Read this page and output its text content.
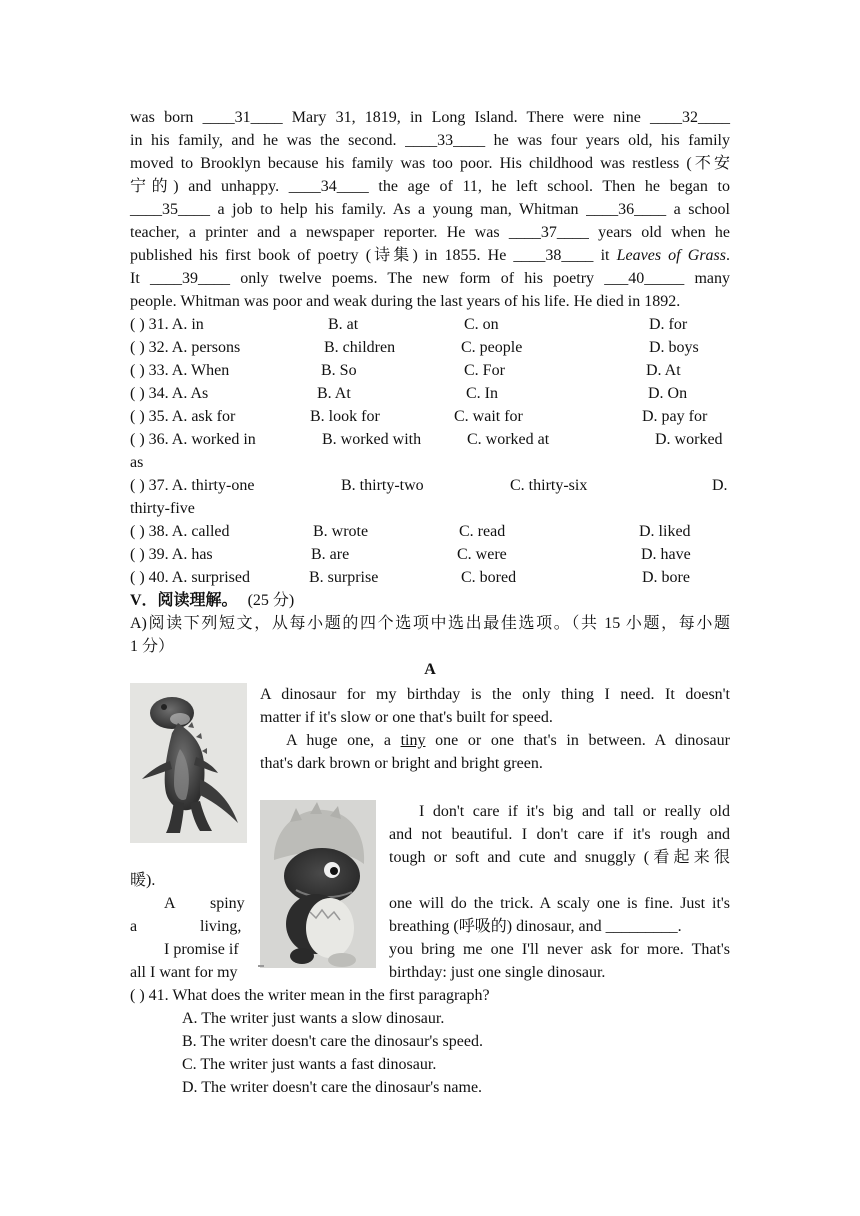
was born ____31____ Mary 31, 1819, in Long Island. There were nine ____32____
in his family, and he was the second. ____33____ he was four years old, his family
moved to Brooklyn because his family was too poor. His childhood was restless (不安
宁的) and unhappy. ____34____ the age of 11, he left school. Then he began to
____35____ a job to help his family. As a young man, Whitman ____36____ a school
teacher, a printer and a newspaper reporter. He was ____37____ years old when he
published his first book of poetry (诗集) in 1855. He ____38____ it Leaves of Grass.
It ____39____ only twelve poems. The new form of his poetry ___40_____ many
people. Whitman was poor and weak during the last years of his life. He died in 1892.
( ) 31. A. in	B. at	C. on	D. for
( ) 32. A. persons	B. children	C. people	D. boys
( ) 33. A. When	B. So	C. For	D. At
( ) 34. A. As	B. At	C. In	D. On
( ) 35. A. ask for	B. look for	C. wait for	D. pay for
( ) 36. A. worked in	B. worked with	C. worked at	D. worked
as
( ) 37. A. thirty-one	B. thirty-two	C. thirty-six	D.
thirty-five
( ) 38. A. called	B. wrote	C. read	D. liked
( ) 39. A. has	B. are	C. were	D. have
( ) 40. A. surprised	B. surprise	C. bored	D. bore
V．阅读理解。 (25 分)
A)阅读下列短文，从每小题的四个选项中选出最佳选项。（共 15 小题，每小题
1 分）
A
A dinosaur for my birthday is the only thing I need. It doesn't
matter if it's slow or one that's built for speed.
A huge one, a tiny one or one that's in between. A dinosaur
that's dark brown or bright and bright green.
I don't care if it's big and tall or really old
and not beautiful. I don't care if it's rough and
tough or soft and cute and snuggly (看起来很
暖).
A spiny	one will do the trick. A scaly one is fine. Just it's
a	living,	breathing (呼吸的) dinosaur, and _________.
I promise if	you bring me one I'll never ask for more. That's
all I want for my	birthday: just one single dinosaur.
( ) 41. What does the writer mean in the first paragraph?
A. The writer just wants a slow dinosaur.
B. The writer doesn't care the dinosaur's speed.
C. The writer just wants a fast dinosaur.
D. The writer doesn't care the dinosaur's name.
